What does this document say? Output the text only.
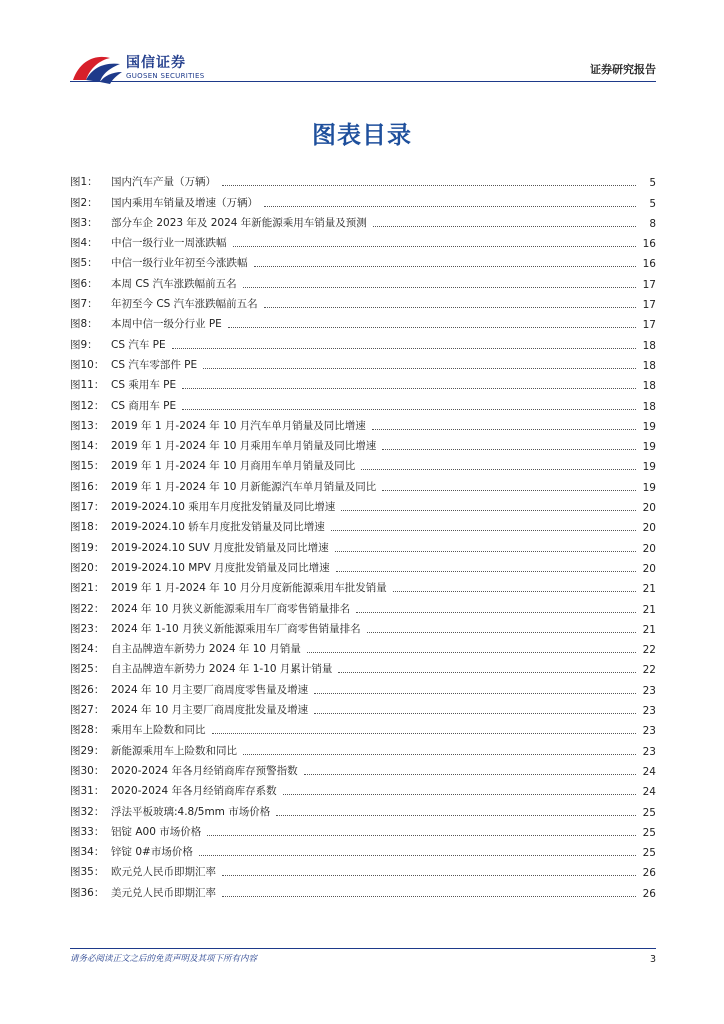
国信证券
GUOSEN SECURITIES	证券研究报告
图表目录
图1：	国内汽车产量（万辆）	5
图2：	国内乘用车销量及增速（万辆）	5
图3：	部分车企 2023 年及 2024 年新能源乘用车销量及预测	8
图4：	中信一级行业一周涨跌幅	16
图5：	中信一级行业年初至今涨跌幅	16
图6：	本周 CS 汽车涨跌幅前五名	17
图7：	年初至今 CS 汽车涨跌幅前五名	17
图8：	本周中信一级分行业 PE	17
图9：	CS 汽车 PE	18
图10： CS 汽车零部件 PE	18
图11： CS 乘用车 PE	18
图12： CS 商用车 PE	18
图13： 2019 年 1 月-2024 年 10 月汽车单月销量及同比增速	19
图14： 2019 年 1 月-2024 年 10 月乘用车单月销量及同比增速	19
图15： 2019 年 1 月-2024 年 10 月商用车单月销量及同比	19
图16： 2019 年 1 月-2024 年 10 月新能源汽车单月销量及同比	19
图17： 2019-2024.10 乘用车月度批发销量及同比增速	20
图18： 2019-2024.10 轿车月度批发销量及同比增速	20
图19： 2019-2024.10 SUV 月度批发销量及同比增速	20
图20： 2019-2024.10 MPV 月度批发销量及同比增速	20
图21： 2019 年 1 月-2024 年 10 月分月度新能源乘用车批发销量	21
图22： 2024 年 10 月狭义新能源乘用车厂商零售销量排名	21
图23： 2024 年 1-10 月狭义新能源乘用车厂商零售销量排名	21
图24： 自主品牌造车新势力 2024 年 10 月销量	22
图25： 自主品牌造车新势力 2024 年 1-10 月累计销量	22
图26： 2024 年 10 月主要厂商周度零售量及增速	23
图27： 2024 年 10 月主要厂商周度批发量及增速	23
图28： 乘用车上险数和同比	23
图29： 新能源乘用车上险数和同比	23
图30： 2020-2024 年各月经销商库存预警指数	24
图31： 2020-2024 年各月经销商库存系数	24
图32： 浮法平板玻璃:4.8/5mm 市场价格	25
图33： 铝锭 A00 市场价格	25
图34： 锌锭 0#市场价格	25
图35： 欧元兑人民币即期汇率	26
图36： 美元兑人民币即期汇率	26
请务必阅读正文之后的免责声明及其项下所有内容	3
